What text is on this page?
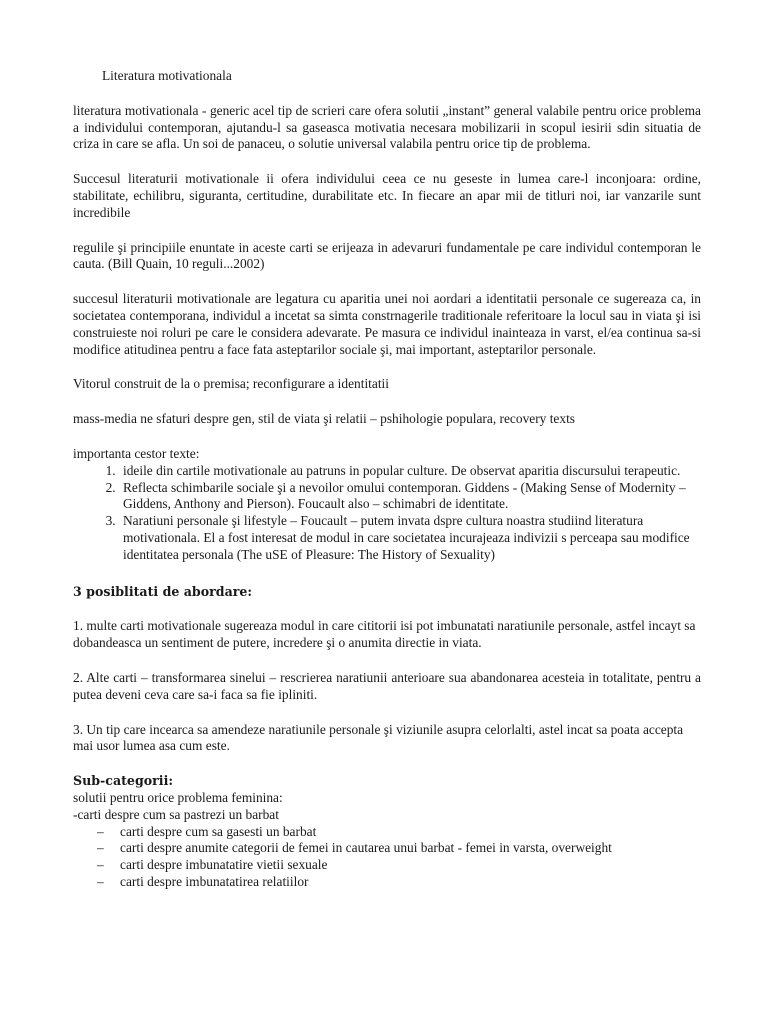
Literatura motivationala

literatura motivationala - generic acel tip de scrieri care ofera solutii „instant” general valabile pentru orice problema a individului contemporan, ajutandu-l sa gaseasca motivatia necesara mobilizarii in scopul iesirii sdin situatia de criza in care se afla. Un soi de panaceu, o solutie universal valabila pentru orice tip de problema.

Succesul literaturii motivationale ii ofera individului ceea ce nu geseste in lumea care-l inconjoara: ordine, stabilitate, echilibru, siguranta, certitudine, durabilitate etc. In fiecare an apar mii de titluri noi, iar vanzarile sunt incredibile

regulile şi principiile enuntate in aceste carti se erijeaza in adevaruri fundamentale pe care individul contemporan le cauta. (Bill Quain, 10 reguli...2002)

succesul literaturii motivationale are legatura cu aparitia unei noi aordari a identitatii personale ce sugereaza ca, in societatea contemporana, individul a incetat sa simta constrnagerile traditionale referitoare la locul sau in viata şi isi construieste noi roluri pe care le considera adevarate. Pe masura ce individul inainteaza in varst, el/ea continua sa-si modifice atitudinea pentru a face fata asteptarilor sociale şi, mai important, asteptarilor personale.

Vitorul construit de la o premisa; reconfigurare a identitatii

mass-media ne sfaturi despre gen, stil de viata şi relatii – pshihologie populara, recovery texts

importanta cestor texte:

1. ideile din cartile motivationale au patruns in popular culture. De observat aparitia discursului terapeutic.
2. Reflecta schimbarile sociale şi a nevoilor omului contemporan. Giddens - (Making Sense of Modernity – Giddens, Anthony and Pierson). Foucault also – schimabri de identitate.
3. Naratiuni personale şi lifestyle – Foucault – putem invata dspre cultura noastra studiind literatura motivationala. El a fost interesat de modul in care societatea incurajeaza indivizii s perceapa sau modifice identitatea personala (The uSE of Pleasure: The History of Sexuality)
3 posiblitati de abordare:

1. multe carti motivationale sugereaza modul in care cititorii isi pot imbunatati naratiunile personale, astfel incayt sa dobandeasca un sentiment de putere, incredere şi o anumita directie in viata.

2. Alte carti – transformarea sinelui – rescrierea naratiunii anterioare sua abandonarea acesteia in totalitate, pentru a putea deveni ceva care sa-i faca sa fie ipliniti.

3. Un tip care incearca sa amendeze naratiunile personale şi viziunile asupra celorlalti, astel incat sa poata accepta mai usor lumea asa cum este.

Sub-categorii:
solutii pentru orice problema feminina:
-carti despre cum sa pastrezi un barbat
– carti despre cum sa gasesti un barbat
– carti despre anumite categorii de femei in cautarea unui barbat - femei in varsta, overweight
– carti despre imbunatatire vietii sexuale
– carti despre imbunatatirea relatiilor
